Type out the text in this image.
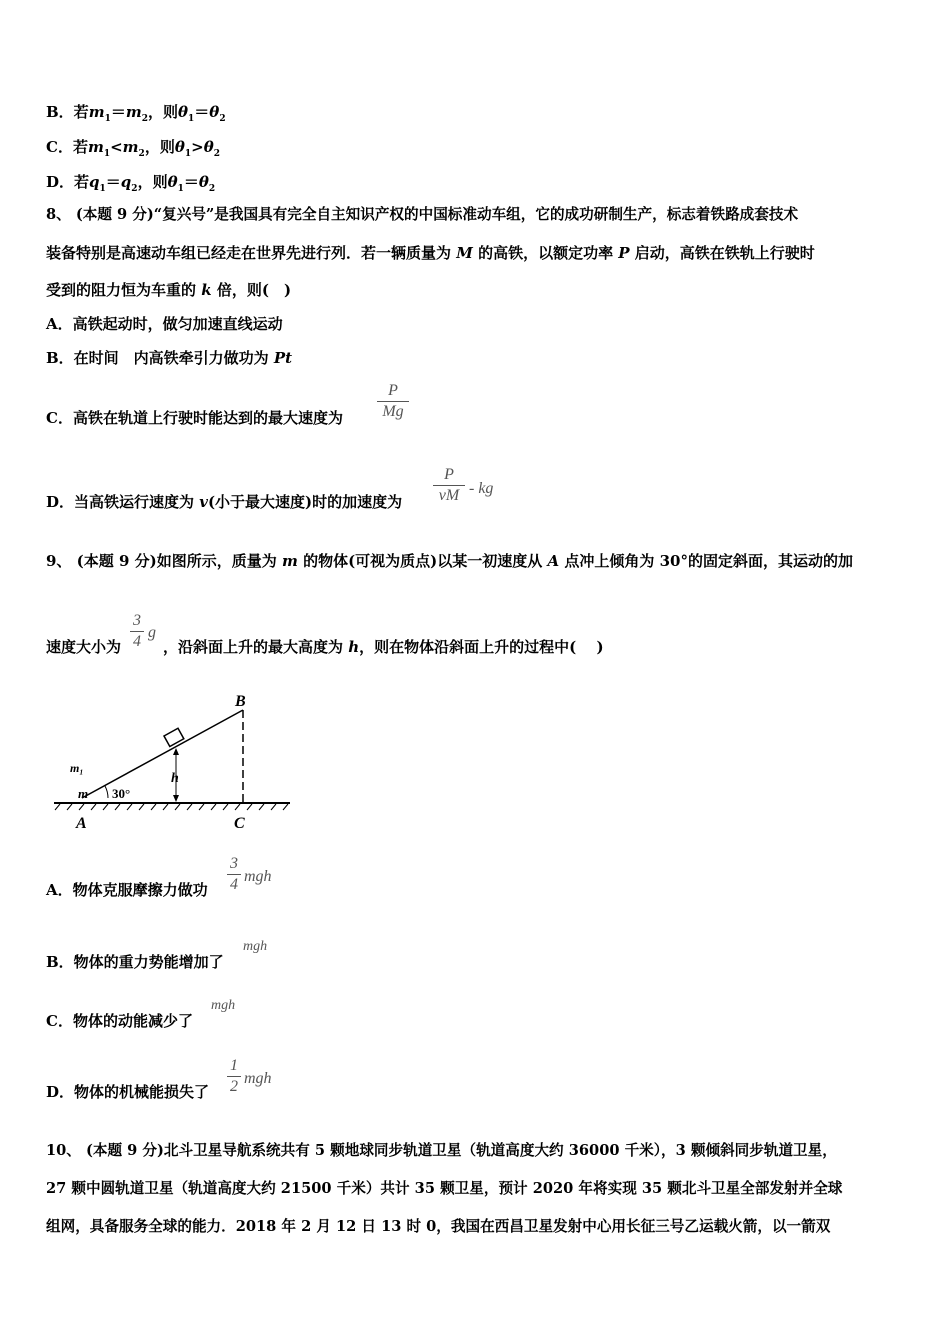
B．若$m_1=m_2$，则$\theta_1=\theta_2$
C．若$m_1<m_2$，则$\theta_1>\theta_2$
D．若$q_1=q_2$，则$\theta_1=\theta_2$
8、 (本题 9 分)“复兴号”是我国具有完全自主知识产权的中国标准动车组，它的成功研制生产，标志着铁路成套技术
装备特别是高速动车组已经走在世界先进行列．若一辆质量为 M 的高铁，以额定功率 P 启动，高铁在铁轨上行驶时
受到的阻力恒为车重的 k 倍，则(　)
A．高铁起动时，做匀加速直线运动
B．在时间　内高铁牵引力做功为 Pt
C．高铁在轨道上行驶时能达到的最大速度为
P
Mg
D．当高铁运行速度为 v(小于最大速度)时的加速度为
P
vM - kg
9、 (本题 9 分)如图所示，质量为 m 的物体(可视为质点)以某一初速度从 A 点冲上倾角为 30°的固定斜面，其运动的加
速度大小为
3
4
g
，沿斜面上升的最大高度为 h，则在物体沿斜面上升的过程中(　 )
h
B
A	C
30°
m₁
m
A．物体克服摩擦力做功
3
4 mgh
B．物体的重力势能增加了
mgh
C．物体的动能减少了
mgh
D．物体的机械能损失了
1
2 mgh
10、 (本题 9 分)北斗卫星导航系统共有 5 颗地球同步轨道卫星（轨道高度大约 36000 千米），3 颗倾斜同步轨道卫星，
27 颗中圆轨道卫星（轨道高度大约 21500 千米）共计 35 颗卫星，预计 2020 年将实现 35 颗北斗卫星全部发射并全球
组网，具备服务全球的能力．2018 年 2 月 12 日 13 时 0，我国在西昌卫星发射中心用长征三号乙运载火箭，以一箭双
